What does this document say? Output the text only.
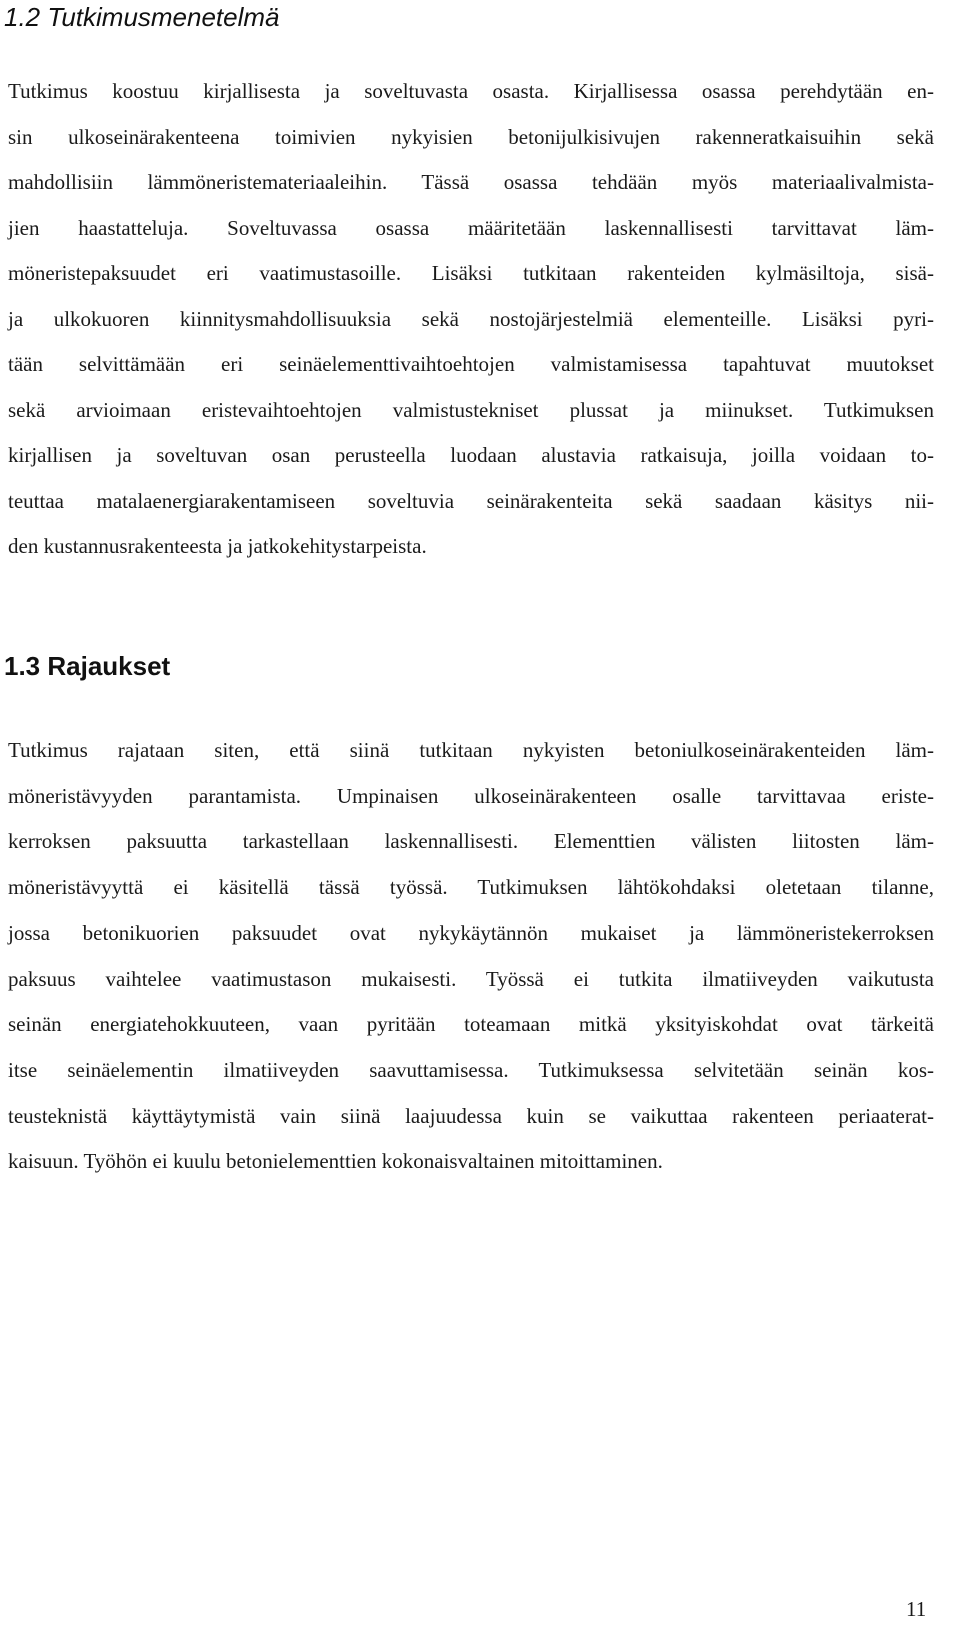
1.2 Tutkimusmenetelmä
Tutkimus koostuu kirjallisesta ja soveltuvasta osasta. Kirjallisessa osassa perehdytään en-
sin ulkoseinärakenteena toimivien nykyisien betonijulkisivujen rakenneratkaisuihin sekä
mahdollisiin lämmöneristemateriaaleihin. Tässä osassa tehdään myös materiaalivalmista-
jien haastatteluja. Soveltuvassa osassa määritetään laskennallisesti tarvittavat läm-
möneristepaksuudet eri vaatimustasoille. Lisäksi tutkitaan rakenteiden kylmäsiltoja, sisä-
ja ulkokuoren kiinnitysmahdollisuuksia sekä nostojärjestelmiä elementeille. Lisäksi pyri-
tään selvittämään eri seinäelementtivaihtoehtojen valmistamisessa tapahtuvat muutokset
sekä arvioimaan eristevaihtoehtojen valmistustekniset plussat ja miinukset. Tutkimuksen
kirjallisen ja soveltuvan osan perusteella luodaan alustavia ratkaisuja, joilla voidaan to-
teuttaa matalaenergiarakentamiseen soveltuvia seinärakenteita sekä saadaan käsitys nii-
den kustannusrakenteesta ja jatkokehitystarpeista.
1.3 Rajaukset
Tutkimus rajataan siten, että siinä tutkitaan nykyisten betoniulkoseinärakenteiden läm-
möneristävyyden parantamista. Umpinaisen ulkoseinärakenteen osalle tarvittavaa eriste-
kerroksen paksuutta tarkastellaan laskennallisesti. Elementtien välisten liitosten läm-
möneristävyyttä ei käsitellä tässä työssä. Tutkimuksen lähtökohdaksi oletetaan tilanne,
jossa betonikuorien paksuudet ovat nykykäytännön mukaiset ja lämmöneristekerroksen
paksuus vaihtelee vaatimustason mukaisesti. Työssä ei tutkita ilmatiiveyden vaikutusta
seinän energiatehokkuuteen, vaan pyritään toteamaan mitkä yksityiskohdat ovat tärkeitä
itse seinäelementin ilmatiiveyden saavuttamisessa. Tutkimuksessa selvitetään seinän kos-
teusteknistä käyttäytymistä vain siinä laajuudessa kuin se vaikuttaa rakenteen periaaterat-
kaisuun. Työhön ei kuulu betonielementtien kokonaisvaltainen mitoittaminen.
11
